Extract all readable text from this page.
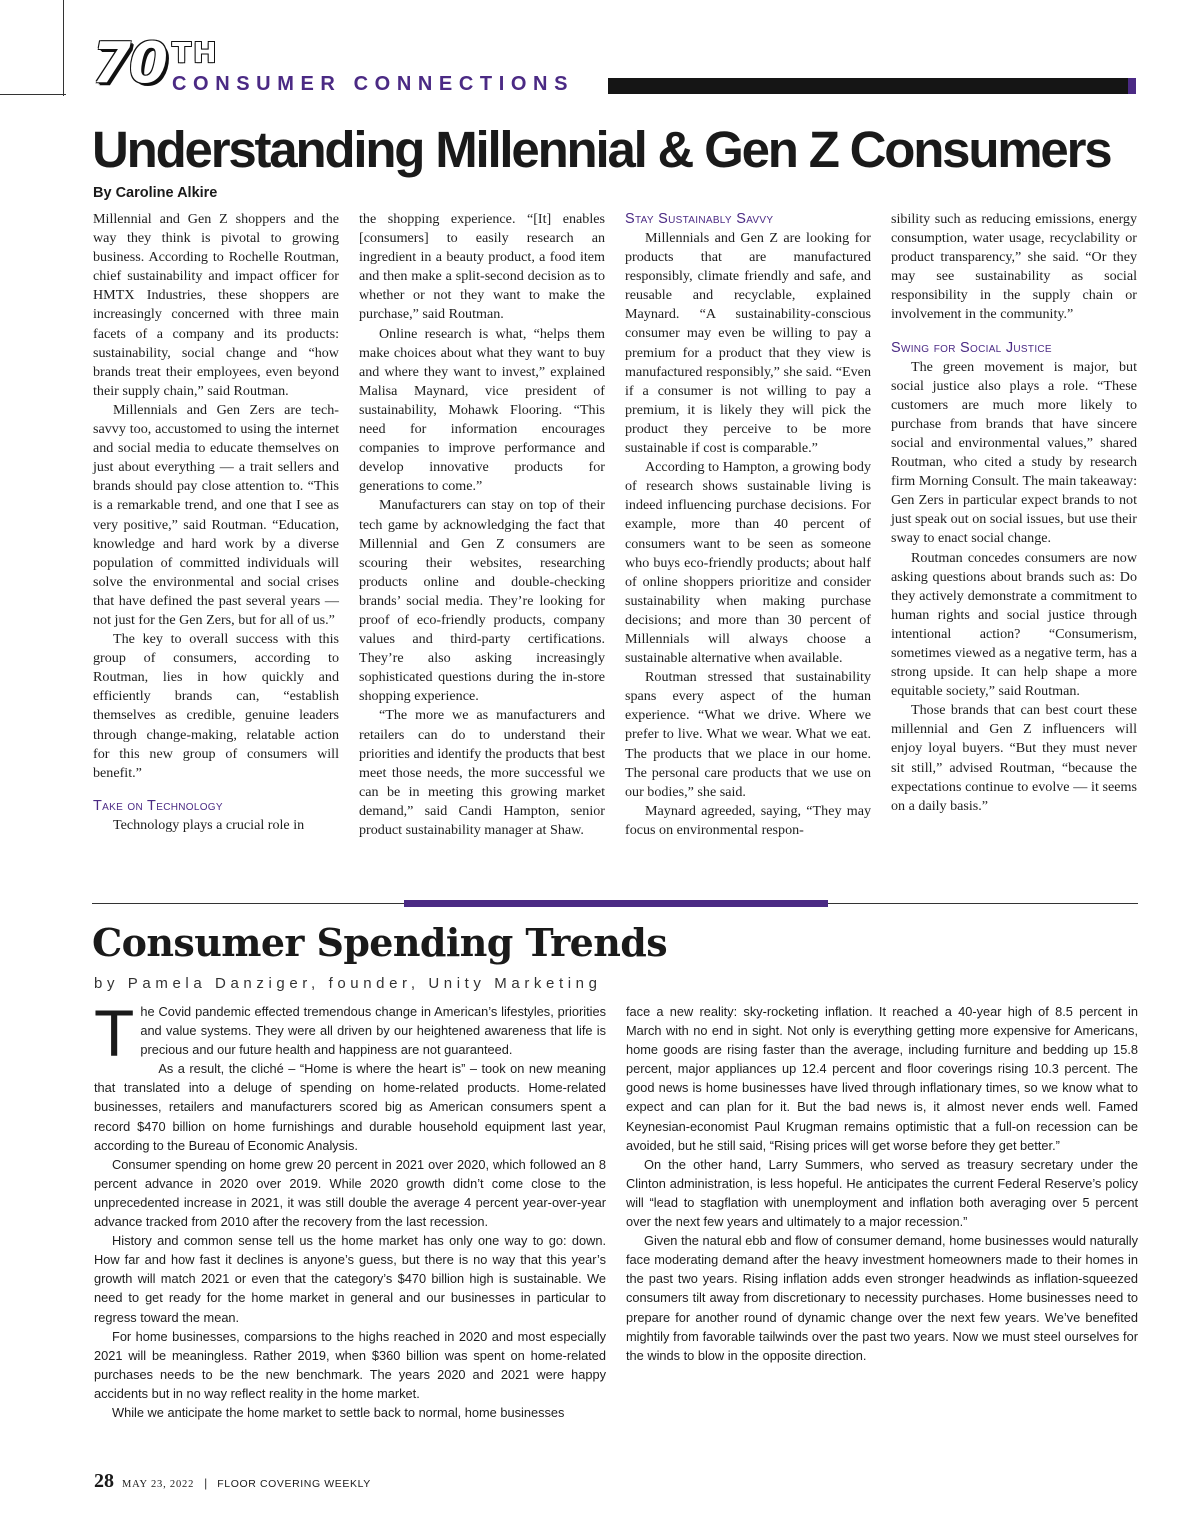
70 TH
CONSUMER CONNECTIONS
Understanding Millennial & Gen Z Consumers
By Caroline Alkire

Millennial and Gen Z shoppers and the way they think is pivotal to growing business. According to Rochelle Routman, chief sustainability and impact officer for HMTX Industries, these shoppers are increasingly concerned with three main facets of a company and its products: sustainability, social change and “how brands treat their employees, even beyond their supply chain,” said Routman.

Millennials and Gen Zers are tech-savvy too, accustomed to using the internet and social media to educate themselves on just about everything — a trait sellers and brands should pay close attention to. “This is a remarkable trend, and one that I see as very positive,” said Routman. “Education, knowledge and hard work by a diverse population of committed individuals will solve the environmental and social crises that have defined the past several years — not just for the Gen Zers, but for all of us.”

The key to overall success with this group of consumers, according to Routman, lies in how quickly and efficiently brands can, “establish themselves as credible, genuine leaders through change-making, relatable action for this new group of consumers will benefit.”

Take on Technology

Technology plays a crucial role in

the shopping experience. “[It] enables [consumers] to easily research an ingredient in a beauty product, a food item and then make a split-second decision as to whether or not they want to make the purchase,” said Routman.

Online research is what, “helps them make choices about what they want to buy and where they want to invest,” explained Malisa Maynard, vice president of sustainability, Mohawk Flooring. “This need for information encourages companies to improve performance and develop innovative products for generations to come.”

Manufacturers can stay on top of their tech game by acknowledging the fact that Millennial and Gen Z consumers are scouring their websites, researching products online and double-checking brands’ social media. They’re looking for proof of eco-friendly products, company values and third-party certifications. They’re also asking increasingly sophisticated questions during the in-store shopping experience.

“The more we as manufacturers and retailers can do to understand their priorities and identify the products that best meet those needs, the more successful we can be in meeting this growing market demand,” said Candi Hampton, senior product sustainability manager at Shaw.

Stay Sustainably Savvy

Millennials and Gen Z are looking for products that are manufactured responsibly, climate friendly and safe, and reusable and recyclable, explained Maynard. “A sustainability-conscious consumer may even be willing to pay a premium for a product that they view is manufactured responsibly,” she said. “Even if a consumer is not willing to pay a premium, it is likely they will pick the product they perceive to be more sustainable if cost is comparable.”

According to Hampton, a growing body of research shows sustainable living is indeed influencing purchase decisions. For example, more than 40 percent of consumers want to be seen as someone who buys eco-friendly products; about half of online shoppers prioritize and consider sustainability when making purchase decisions; and more than 30 percent of Millennials will always choose a sustainable alternative when available.

Routman stressed that sustainability spans every aspect of the human experience. “What we drive. Where we prefer to live. What we wear. What we eat. The products that we place in our home. The personal care products that we use on our bodies,” she said.

Maynard agreeded, saying, “They may focus on environmental respon-

sibility such as reducing emissions, energy consumption, water usage, recyclability or product transparency,” she said. “Or they may see sustainability as social responsibility in the supply chain or involvement in the community.”

Swing for Social Justice

The green movement is major, but social justice also plays a role. “These customers are much more likely to purchase from brands that have sincere social and environmental values,” shared Routman, who cited a study by research firm Morning Consult. The main takeaway: Gen Zers in particular expect brands to not just speak out on social issues, but use their sway to enact social change.

Routman concedes consumers are now asking questions about brands such as: Do they actively demonstrate a commitment to human rights and social justice through intentional action? “Consumerism, sometimes viewed as a negative term, has a strong upside. It can help shape a more equitable society,” said Routman.

Those brands that can best court these millennial and Gen Z influencers will enjoy loyal buyers. “But they must never sit still,” advised Routman, “because the expectations continue to evolve — it seems on a daily basis.”

Consumer Spending Trends
by Pamela Danziger, founder, Unity Marketing

The Covid pandemic effected tremendous change in American’s lifestyles, priorities and value systems. They were all driven by our heightened awareness that life is precious and our future health and happiness are not guaranteed.

As a result, the cliché – “Home is where the heart is” – took on new meaning that translated into a deluge of spending on home-related products. Home-related businesses, retailers and manufacturers scored big as American consumers spent a record $470 billion on home furnishings and durable household equipment last year, according to the Bureau of Economic Analysis.

Consumer spending on home grew 20 percent in 2021 over 2020, which followed an 8 percent advance in 2020 over 2019. While 2020 growth didn’t come close to the unprecedented increase in 2021, it was still double the average 4 percent year-over-year advance tracked from 2010 after the recovery from the last recession.

History and common sense tell us the home market has only one way to go: down. How far and how fast it declines is anyone’s guess, but there is no way that this year’s growth will match 2021 or even that the category’s $470 billion high is sustainable. We need to get ready for the home market in general and our businesses in particular to regress toward the mean.

For home businesses, comparsions to the highs reached in 2020 and most especially 2021 will be meaningless. Rather 2019, when $360 billion was spent on home-related purchases needs to be the new benchmark. The years 2020 and 2021 were happy accidents but in no way reflect reality in the home market.

While we anticipate the home market to settle back to normal, home businesses

face a new reality: sky-rocketing inflation. It reached a 40-year high of 8.5 percent in March with no end in sight. Not only is everything getting more expensive for Americans, home goods are rising faster than the average, including furniture and bedding up 15.8 percent, major appliances up 12.4 percent and floor coverings rising 10.3 percent. The good news is home businesses have lived through inflationary times, so we know what to expect and can plan for it. But the bad news is, it almost never ends well. Famed Keynesian-economist Paul Krugman remains optimistic that a full-on recession can be avoided, but he still said, “Rising prices will get worse before they get better.”

On the other hand, Larry Summers, who served as treasury secretary under the Clinton administration, is less hopeful. He anticipates the current Federal Reserve’s policy will “lead to stagflation with unemployment and inflation both averaging over 5 percent over the next few years and ultimately to a major recession.”

Given the natural ebb and flow of consumer demand, home businesses would naturally face moderating demand after the heavy investment homeowners made to their homes in the past two years. Rising inflation adds even stronger headwinds as inflation-squeezed consumers tilt away from discretionary to necessity purchases. Home businesses need to prepare for another round of dynamic change over the next few years. We’ve benefited mightily from favorable tailwinds over the past two years. Now we must steel ourselves for the winds to blow in the opposite direction.

28 MAY 23, 2022 | FLOOR COVERING WEEKLY
